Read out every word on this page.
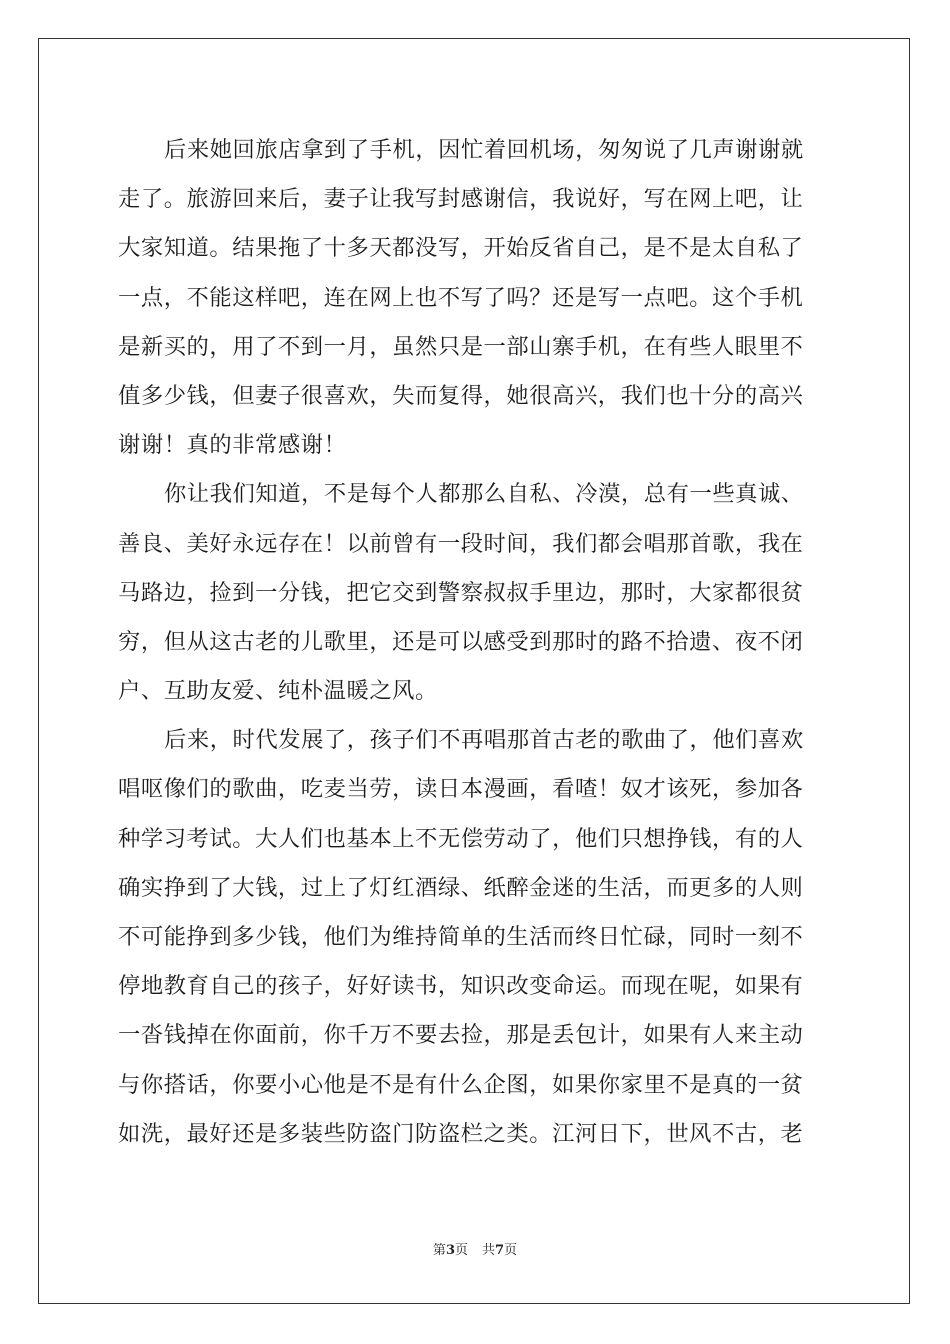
后来她回旅店拿到了手机，因忙着回机场，匆匆说了几声谢谢就
走了。旅游回来后，妻子让我写封感谢信，我说好，写在网上吧，让
大家知道。结果拖了十多天都没写，开始反省自己，是不是太自私了
一点，不能这样吧，连在网上也不写了吗？还是写一点吧。这个手机
是新买的，用了不到一月，虽然只是一部山寨手机，在有些人眼里不
值多少钱，但妻子很喜欢，失而复得，她很高兴，我们也十分的高兴
谢谢！真的非常感谢！
你让我们知道，不是每个人都那么自私、冷漠，总有一些真诚、
善良、美好永远存在！以前曾有一段时间，我们都会唱那首歌，我在
马路边，捡到一分钱，把它交到警察叔叔手里边，那时，大家都很贫
穷，但从这古老的儿歌里，还是可以感受到那时的路不拾遗、夜不闭
户、互助友爱、纯朴温暖之风。
后来，时代发展了，孩子们不再唱那首古老的歌曲了，他们喜欢
唱呕像们的歌曲，吃麦当劳，读日本漫画，看喳！奴才该死，参加各
种学习考试。大人们也基本上不无偿劳动了，他们只想挣钱，有的人
确实挣到了大钱，过上了灯红酒绿、纸醉金迷的生活，而更多的人则
不可能挣到多少钱，他们为维持简单的生活而终日忙碌，同时一刻不
停地教育自己的孩子，好好读书，知识改变命运。而现在呢，如果有
一沓钱掉在你面前，你千万不要去捡，那是丢包计，如果有人来主动
与你搭话，你要小心他是不是有什么企图，如果你家里不是真的一贫
如洗，最好还是多装些防盗门防盗栏之类。江河日下，世风不古，老
第3页 共7页
